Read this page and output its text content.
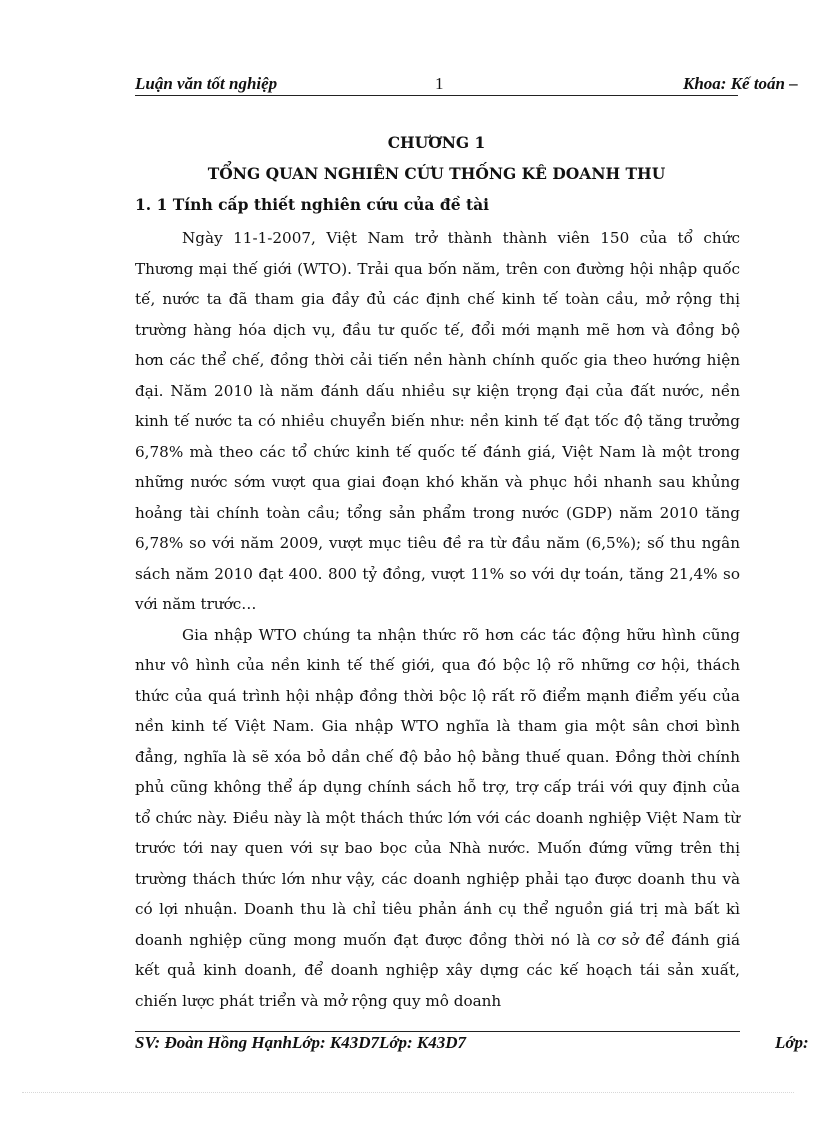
Luận văn tốt nghiệp	1	Khoa: Kế toán –
CHƯƠNG 1
TỔNG QUAN NGHIÊN CỨU THỐNG KÊ DOANH THU
1. 1 Tính cấp thiết nghiên cứu của đề tài

Ngày 11-1-2007, Việt Nam trở thành thành viên 150 của tổ chức Thương mại thế giới (WTO). Trải qua bốn năm, trên con đường hội nhập quốc tế, nước ta đã tham gia đầy đủ các định chế kinh tế toàn cầu, mở rộng thị trường hàng hóa dịch vụ, đầu tư quốc tế, đổi mới mạnh mẽ hơn và đồng bộ hơn các thể chế, đồng thời cải tiến nền hành chính quốc gia theo hướng hiện đại. Năm 2010 là năm đánh dấu nhiều sự kiện trọng đại của đất nước, nền kinh tế nước ta có nhiều chuyển biến như: nền kinh tế đạt tốc độ tăng trưởng 6,78% mà theo các tổ chức kinh tế quốc tế đánh giá, Việt Nam là một trong những nước sớm vượt qua giai đoạn khó khăn và phục hồi nhanh sau khủng hoảng tài chính toàn cầu; tổng sản phẩm trong nước (GDP) năm 2010 tăng 6,78% so với năm 2009, vượt mục tiêu đề ra từ đầu năm (6,5%); số thu ngân sách năm 2010 đạt 400. 800 tỷ đồng, vượt 11% so với dự toán, tăng 21,4% so với năm trước…

Gia nhập WTO chúng ta nhận thức rõ hơn các tác động hữu hình cũng như vô hình của nền kinh tế thế giới, qua đó bộc lộ rõ những cơ hội, thách thức của quá trình hội nhập đồng thời bộc lộ rất rõ điểm mạnh điểm yếu của nền kinh tế Việt Nam. Gia nhập WTO nghĩa là tham gia một sân chơi bình đẳng, nghĩa là sẽ xóa bỏ dần chế độ bảo hộ bằng thuế quan. Đồng thời chính phủ cũng không thể áp dụng chính sách hỗ trợ, trợ cấp trái với quy định của tổ chức này. Điều này là một thách thức lớn với các doanh nghiệp Việt Nam từ trước tới nay quen với sự bao bọc của Nhà nước. Muốn đứng vững trên thị trường thách thức lớn như vậy, các doanh nghiệp phải tạo được doanh thu và có lợi nhuận. Doanh thu là chỉ tiêu phản ánh cụ thể nguồn giá trị mà bất kì doanh nghiệp cũng mong muốn đạt được đồng thời nó là cơ sở để đánh giá kết quả kinh doanh, để doanh nghiệp xây dựng các kế hoạch tái sản xuất, chiến lược phát triển và mở rộng quy mô doanh

SV: Đoàn Hồng HạnhLớp: K43D7Lớp: K43D7	Lớp:
